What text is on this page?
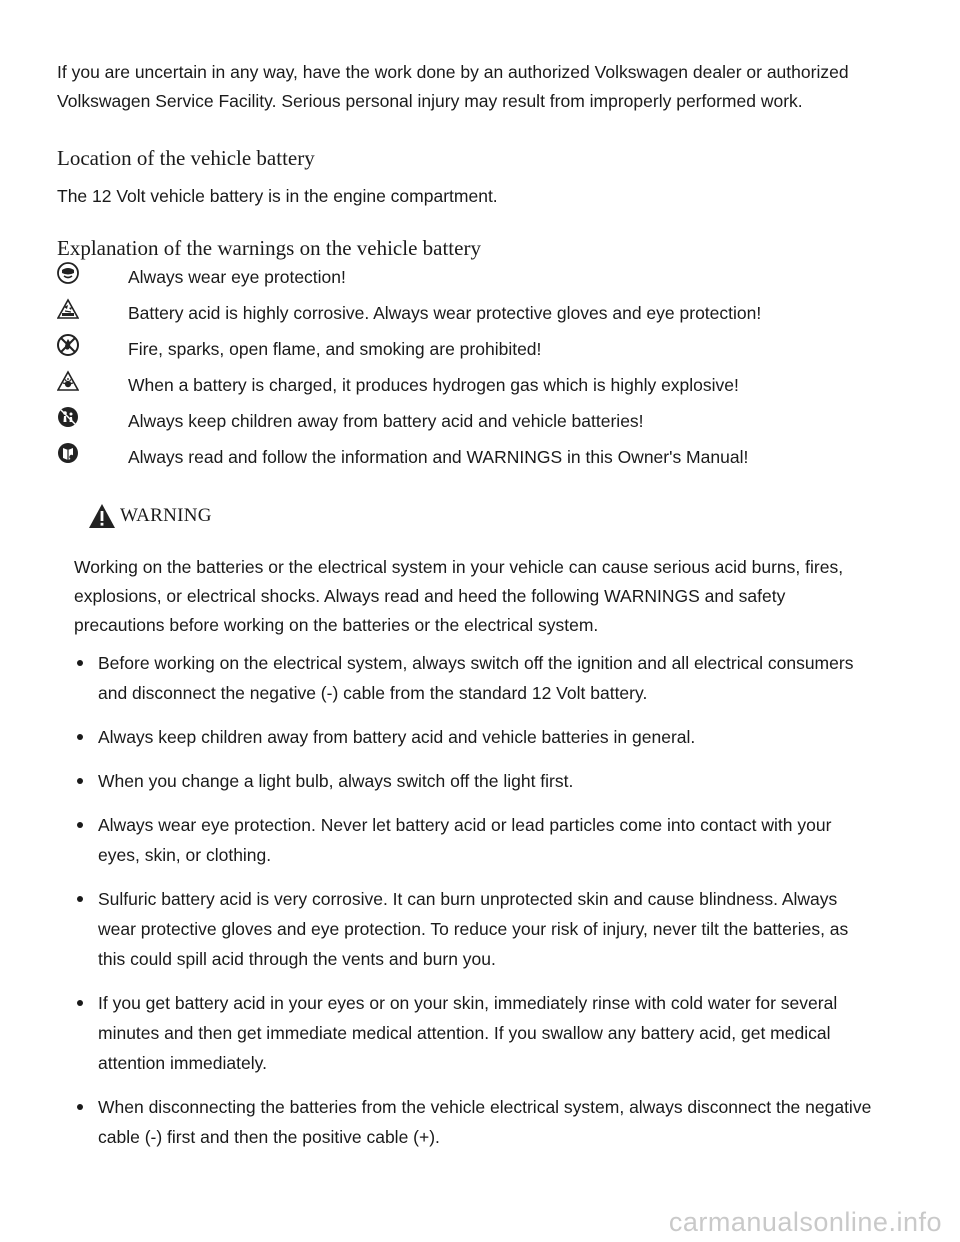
If you are uncertain in any way, have the work done by an authorized Volkswagen dealer or authorized Volkswagen Service Facility. Serious personal injury may result from improperly performed work.

Location of the vehicle battery

The 12 Volt vehicle battery is in the engine compartment.

Explanation of the warnings on the vehicle battery
Always wear eye protection!
Battery acid is highly corrosive. Always wear protective gloves and eye protection!
Fire, sparks, open flame, and smoking are prohibited!
When a battery is charged, it produces hydrogen gas which is highly explosive!
Always keep children away from battery acid and vehicle batteries!
Always read and follow the information and WARNINGS in this Owner's Manual!
WARNING

Working on the batteries or the electrical system in your vehicle can cause serious acid burns, fires, explosions, or electrical shocks. Always read and heed the following WARNINGS and safety precautions before working on the batteries or the electrical system.

Before working on the electrical system, always switch off the ignition and all electrical consumers and disconnect the negative (-) cable from the standard 12 Volt battery.
Always keep children away from battery acid and vehicle batteries in general.
When you change a light bulb, always switch off the light first.
Always wear eye protection. Never let battery acid or lead particles come into contact with your eyes, skin, or clothing.
Sulfuric battery acid is very corrosive. It can burn unprotected skin and cause blindness. Always wear protective gloves and eye protection. To reduce your risk of injury, never tilt the batteries, as this could spill acid through the vents and burn you.
If you get battery acid in your eyes or on your skin, immediately rinse with cold water for several minutes and then get immediate medical attention. If you swallow any battery acid, get medical attention immediately.
When disconnecting the batteries from the vehicle electrical system, always disconnect the negative cable (-) first and then the positive cable (+).
carmanualsonline.info
